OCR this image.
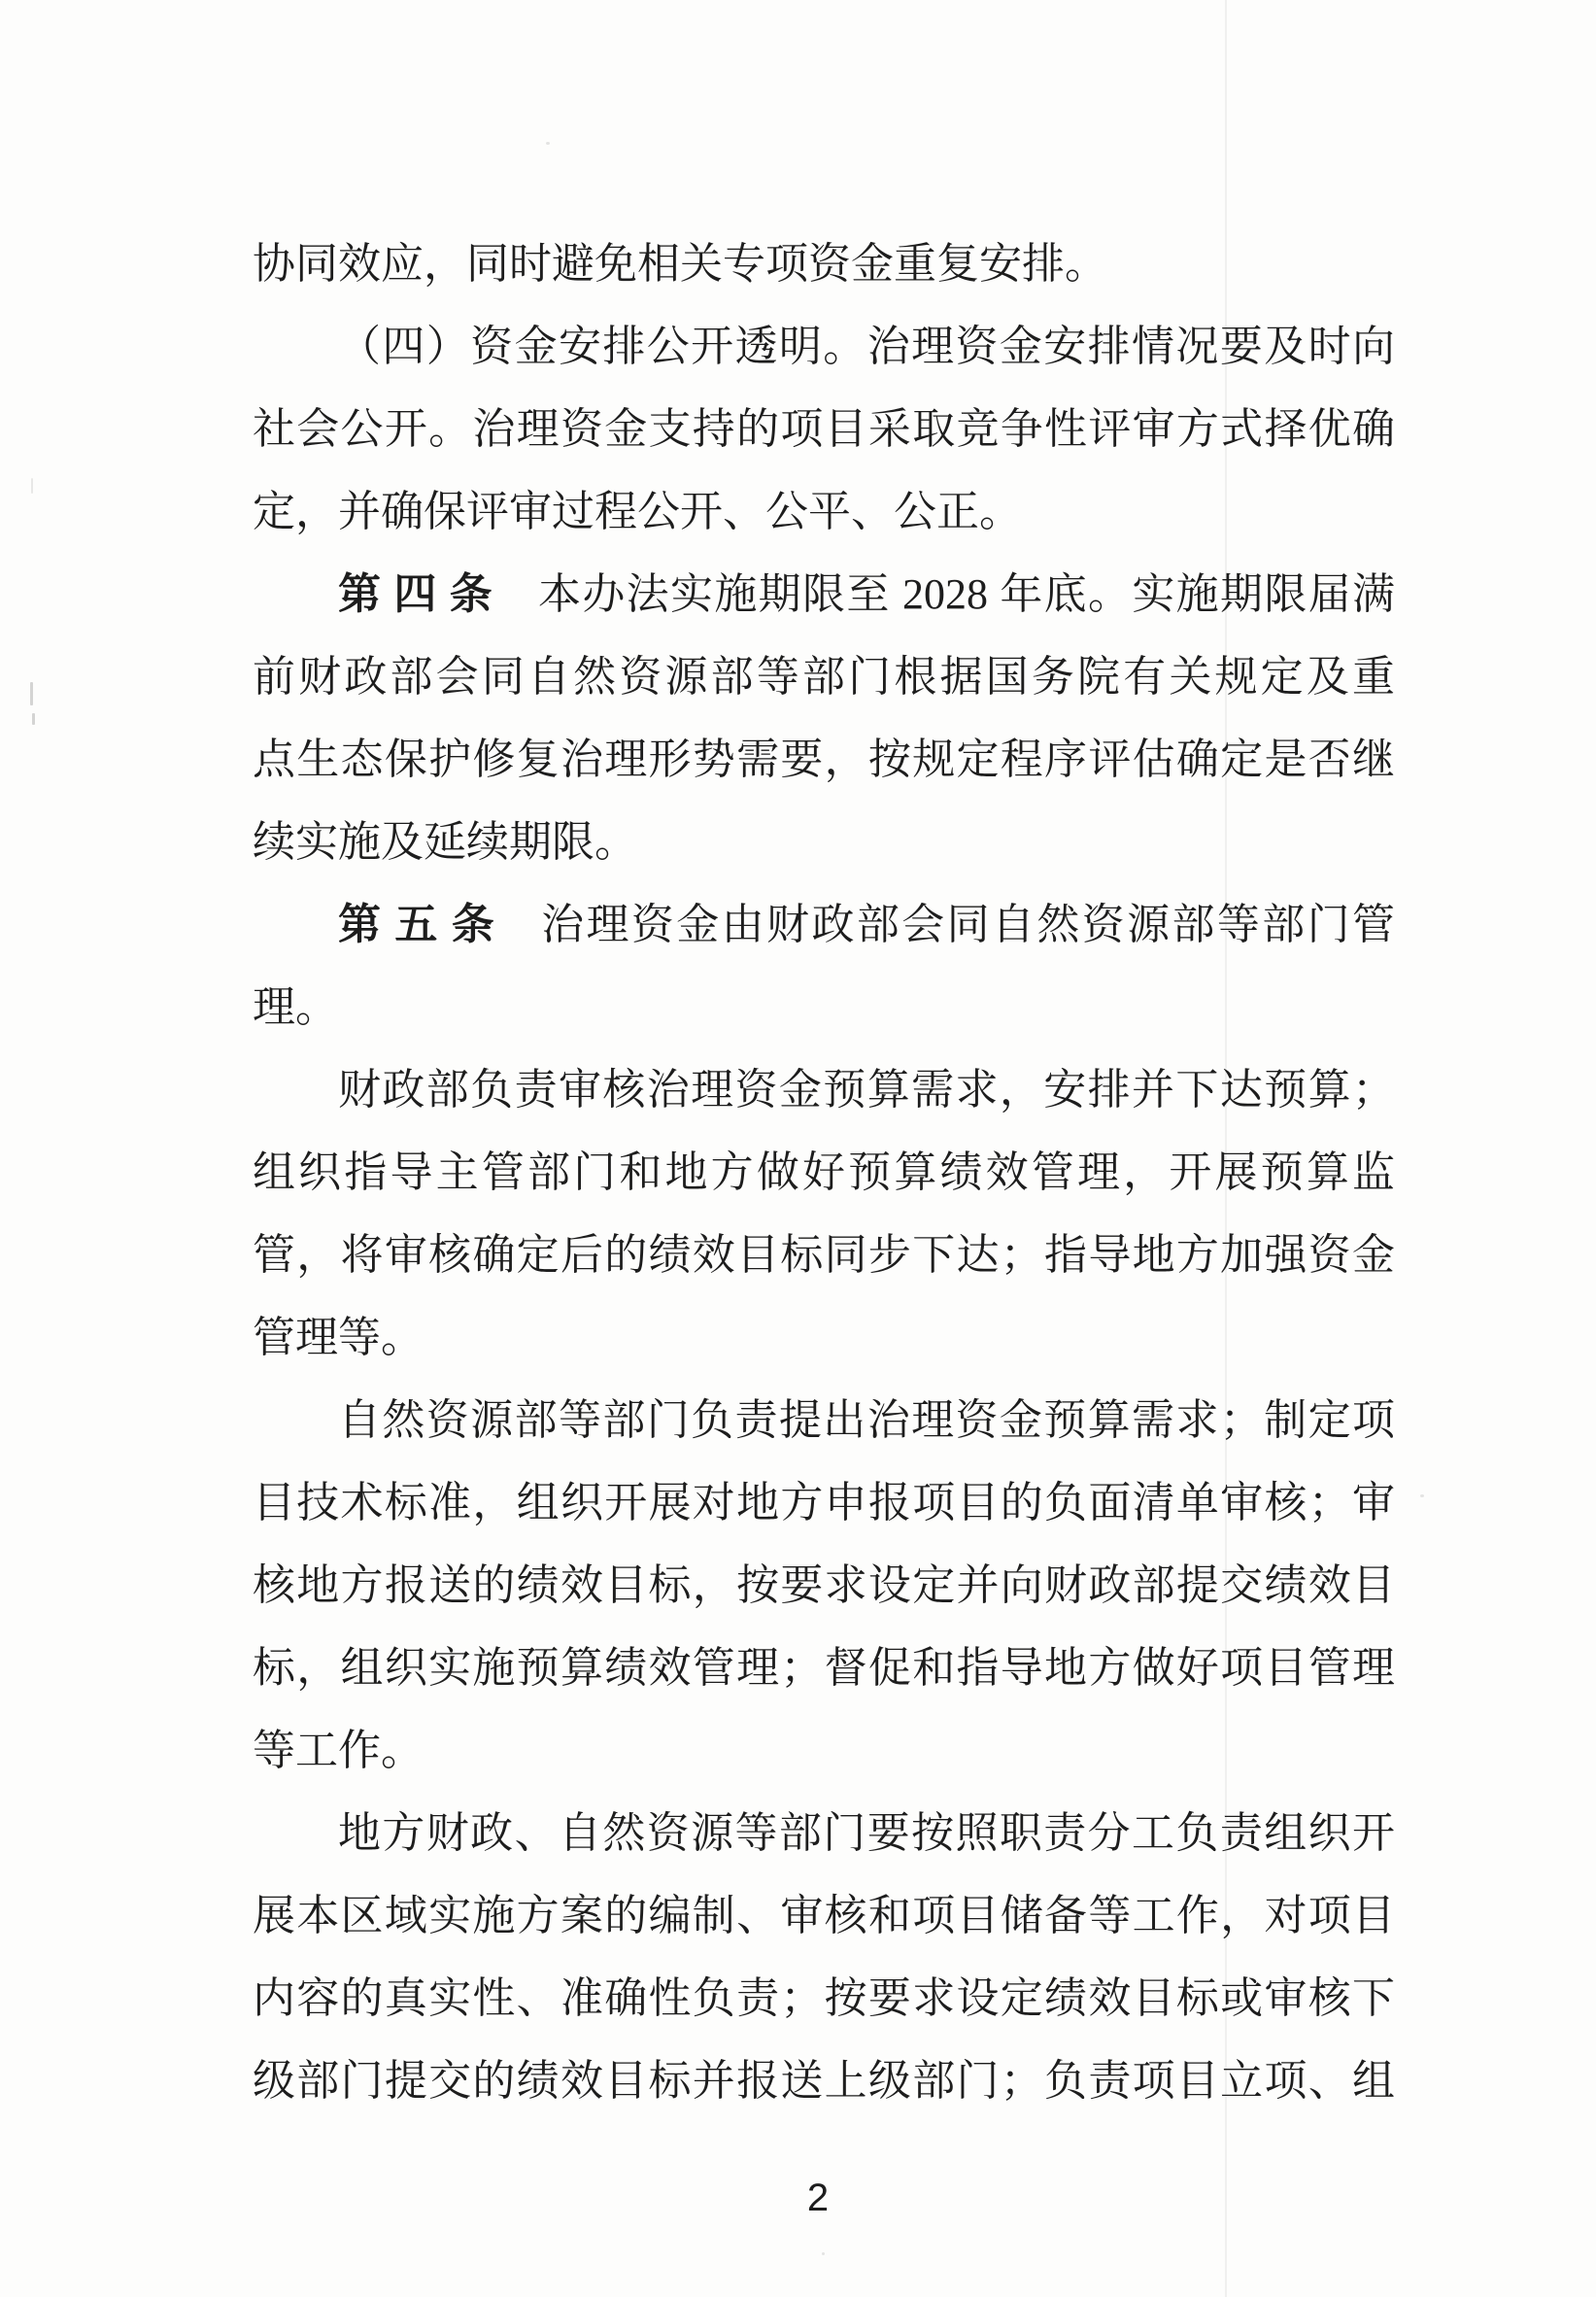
协同效应，同时避免相关专项资金重复安排。
（四）资金安排公开透明。治理资金安排情况要及时向
社会公开。治理资金支持的项目采取竞争性评审方式择优确
定，并确保评审过程公开、公平、公正。
第四条 本办法实施期限至 2028 年底。实施期限届满
前财政部会同自然资源部等部门根据国务院有关规定及重
点生态保护修复治理形势需要，按规定程序评估确定是否继
续实施及延续期限。
第五条 治理资金由财政部会同自然资源部等部门管
理。
财政部负责审核治理资金预算需求，安排并下达预算；
组织指导主管部门和地方做好预算绩效管理，开展预算监
管，将审核确定后的绩效目标同步下达；指导地方加强资金
管理等。
自然资源部等部门负责提出治理资金预算需求；制定项
目技术标准，组织开展对地方申报项目的负面清单审核；审
核地方报送的绩效目标，按要求设定并向财政部提交绩效目
标，组织实施预算绩效管理；督促和指导地方做好项目管理
等工作。
地方财政、自然资源等部门要按照职责分工负责组织开
展本区域实施方案的编制、审核和项目储备等工作，对项目
内容的真实性、准确性负责；按要求设定绩效目标或审核下
级部门提交的绩效目标并报送上级部门；负责项目立项、组
2
